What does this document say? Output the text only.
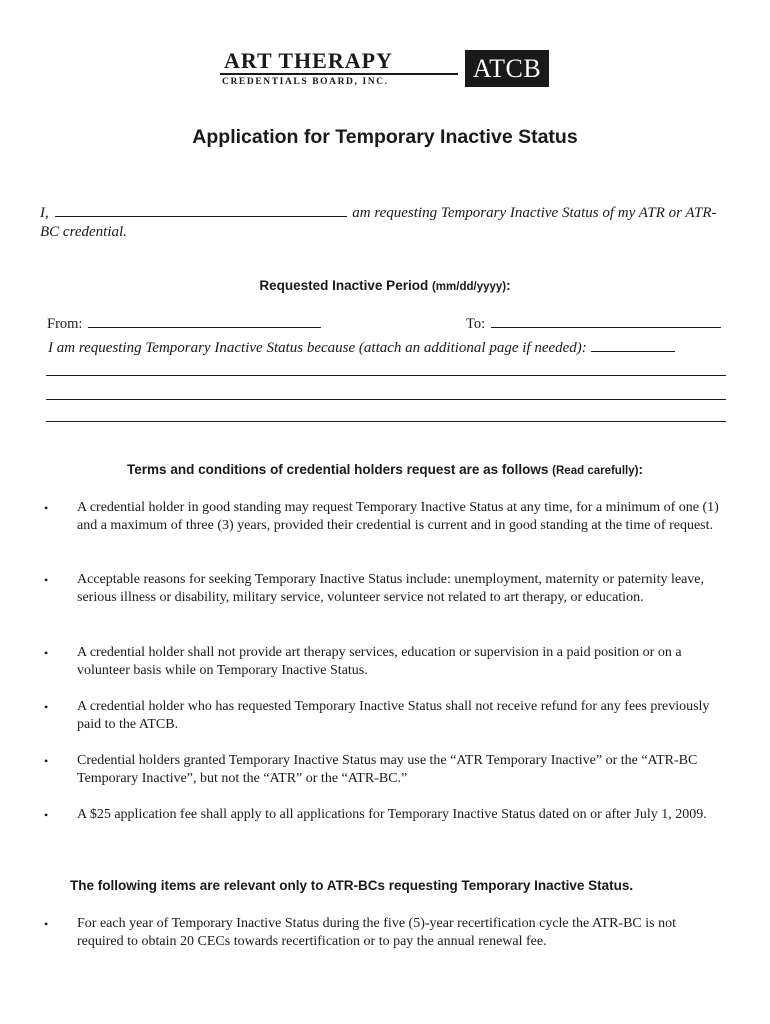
ART THERAPY
CREDENTIALS BOARD, INC.	ATCB
Application for Temporary Inactive Status
I,	am requesting Temporary Inactive Status of my ATR or ATR-BC credential.
Requested Inactive Period (mm/dd/yyyy):
From:	To:
I am requesting Temporary Inactive Status because (attach an additional page if needed):
Terms and conditions of credential holders request are as follows (Read carefully):
• A credential holder in good standing may request Temporary Inactive Status at any time, for a minimum of one (1) and a maximum of three (3) years, provided their credential is current and in good standing at the time of request.
• Acceptable reasons for seeking Temporary Inactive Status include: unemployment, maternity or paternity leave, serious illness or disability, military service, volunteer service not related to art therapy, or education.
• A credential holder shall not provide art therapy services, education or supervision in a paid position or on a volunteer basis while on Temporary Inactive Status.
• A credential holder who has requested Temporary Inactive Status shall not receive refund for any fees previously paid to the ATCB.
• Credential holders granted Temporary Inactive Status may use the “ATR Temporary Inactive” or the “ATR-BC Temporary Inactive”, but not the “ATR” or the “ATR-BC.”
• A $25 application fee shall apply to all applications for Temporary Inactive Status dated on or after July 1, 2009.
The following items are relevant only to ATR-BCs requesting Temporary Inactive Status.
• For each year of Temporary Inactive Status during the five (5)-year recertification cycle the ATR-BC is not required to obtain 20 CECs towards recertification or to pay the annual renewal fee.
